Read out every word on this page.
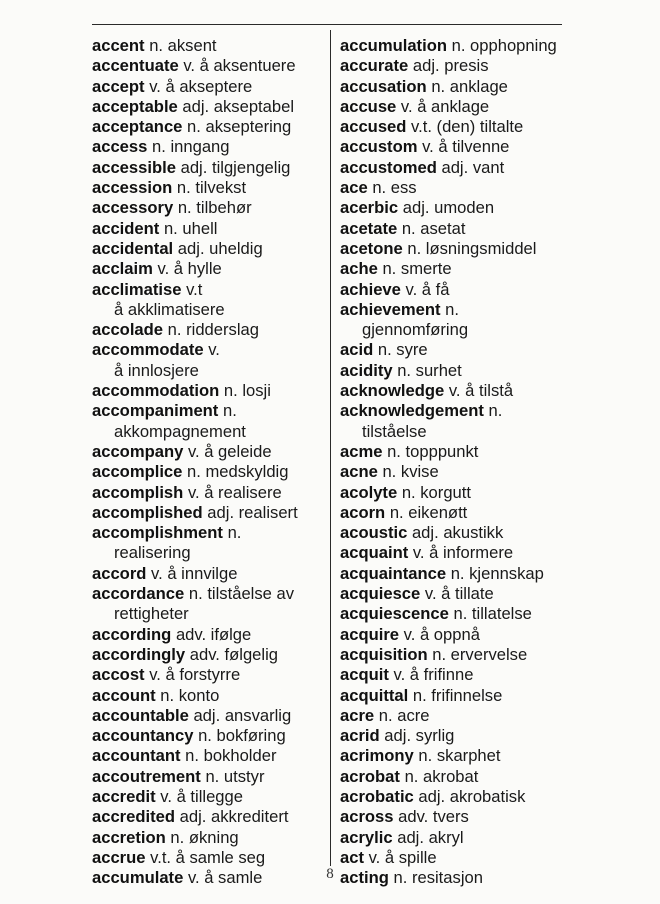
accent n. aksent
accentuate v. å aksentuere
accept v. å akseptere
acceptable adj. akseptabel
acceptance n. akseptering
access n. inngang
accessible adj. tilgjengelig
accession n. tilvekst
accessory n. tilbehør
accident n. uhell
accidental adj. uheldig
acclaim v. å hylle
acclimatise v.t
å akklimatisere
accolade n. ridderslag
accommodate v.
å innlosjere
accommodation n. losji
accompaniment n.
akkompagnement
accompany v. å geleide
accomplice n. medskyldig
accomplish v. å realisere
accomplished adj. realisert
accomplishment n.
realisering
accord v. å innvilge
accordance n. tilståelse av
rettigheter
according adv. ifølge
accordingly adv. følgelig
accost v. å forstyrre
account n. konto
accountable adj. ansvarlig
accountancy n. bokføring
accountant n. bokholder
accoutrement n. utstyr
accredit v. å tillegge
accredited adj. akkreditert
accretion n. økning
accrue v.t. å samle seg
accumulate v. å samle
accumulation n. opphopning
accurate adj. presis
accusation n. anklage
accuse v. å anklage
accused v.t. (den) tiltalte
accustom v. å tilvenne
accustomed adj. vant
ace n. ess
acerbic adj. umoden
acetate n. asetat
acetone n. løsningsmiddel
ache n. smerte
achieve v. å få
achievement n.
gjennomføring
acid n. syre
acidity n. surhet
acknowledge v. å tilstå
acknowledgement n.
tilståelse
acme n. topppunkt
acne n. kvise
acolyte n. korgutt
acorn n. eikenøtt
acoustic adj. akustikk
acquaint v. å informere
acquaintance n. kjennskap
acquiesce v. å tillate
acquiescence n. tillatelse
acquire v. å oppnå
acquisition n. ervervelse
acquit v. å frifinne
acquittal n. frifinnelse
acre n. acre
acrid adj. syrlig
acrimony n. skarphet
acrobat n. akrobat
acrobatic adj. akrobatisk
across adv. tvers
acrylic adj. akryl
act v. å spille
acting n. resitasjon
8
